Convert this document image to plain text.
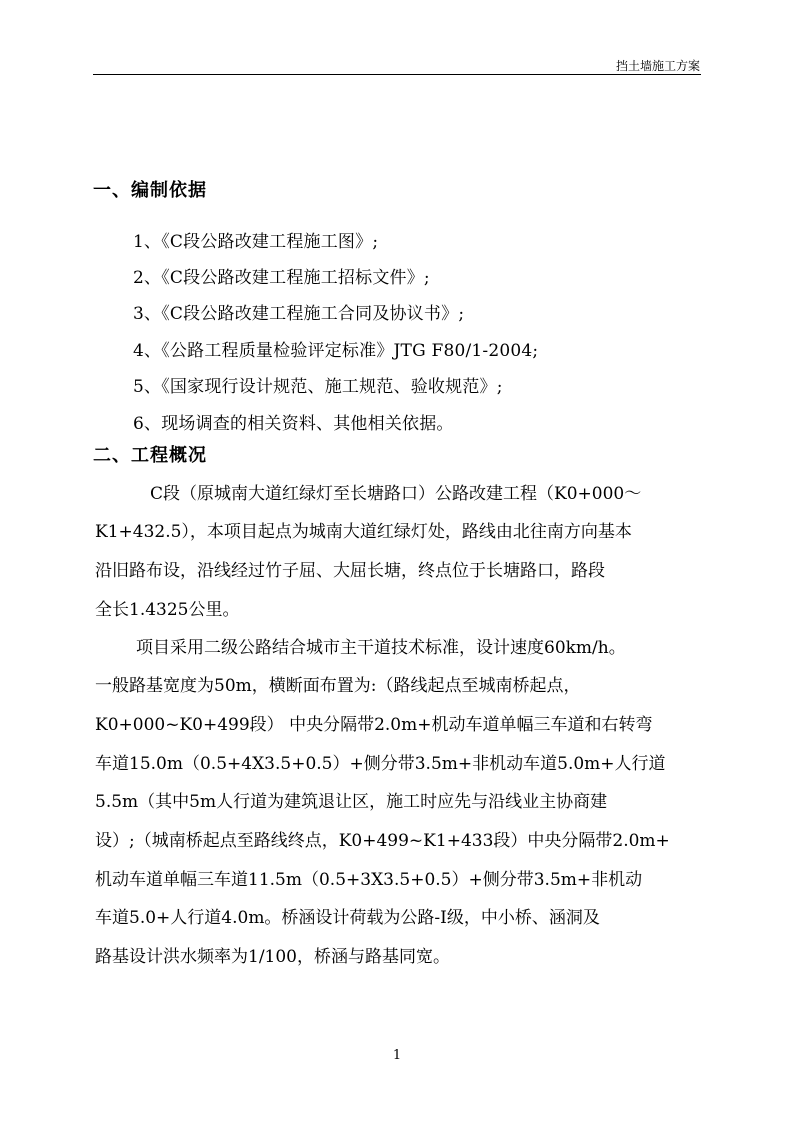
挡土墙施工方案
一、编制依据
1、《C段公路改建工程施工图》;
2、《C段公路改建工程施工招标文件》;
3、《C段公路改建工程施工合同及协议书》;
4、《公路工程质量检验评定标准》JTG F80/1-2004;
5、《国家现行设计规范、施工规范、验收规范》;
6、现场调查的相关资料、其他相关依据。
二、工程概况
C段（原城南大道红绿灯至长塘路口）公路改建工程（K0+000～
K1+432.5），本项目起点为城南大道红绿灯处，路线由北往南方向基本
沿旧路布设，沿线经过竹子屈、大屈长塘，终点位于长塘路口，路段
全长1.4325公里。
项目采用二级公路结合城市主干道技术标准，设计速度60km/h。
一般路基宽度为50m，横断面布置为:（路线起点至城南桥起点，
K0+000~K0+499段） 中央分隔带2.0m+机动车道单幅三车道和右转弯
车道15.0m（0.5+4X3.5+0.5）+侧分带3.5m+非机动车道5.0m+人行道
5.5m（其中5m人行道为建筑退让区，施工时应先与沿线业主协商建
设）;（城南桥起点至路线终点，K0+499~K1+433段）中央分隔带2.0m+
机动车道单幅三车道11.5m（0.5+3X3.5+0.5）+侧分带3.5m+非机动
车道5.0+人行道4.0m。桥涵设计荷载为公路-I级，中小桥、涵洞及
路基设计洪水频率为1/100，桥涵与路基同宽。
1
